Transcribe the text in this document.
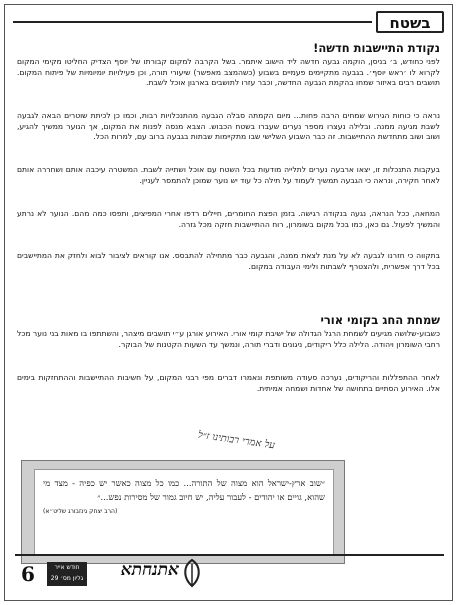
בשטח
נקודת התיישבות חדשה!

לפני כחודש, ב׳ בניסן, הוקמה גבעה חדשה ליד הישוב איתמר. בשל הקרבה למקום קבורתו של יוסף הצדיק החליטו מקימי המקום לקרוא לו ׳ראש יוסף׳. בגבעה מתקיימים פעמיים בשבוע (כשהמצב מאפשר) שיעורי תורה, וכן פעילויות יומיומיות של פיתוח המקום. תושבים רבים באיזור שמחו בהקמת הגבעה החדשה, וכבר עזרו לתושבים בארגון אוכל לשבת.

נראה כי כוחות הגירוש שמחים הרבה פחות... מיום הקמתה סבלה הגבעה מהתנכלויות רבות, וכמו כן לכיתת שוטרים הבאה לגבעה לשבת מגיעה ממנה. ובלילה נעצרו מספר נערים שעברו בשטח הכבוש. הצבא מנסה לפנות את המקום, אך הנוער ממשיך להגיע, ושוב ושוב מתחדשת ההתיישבות. זה כבר השבוע השלישי שבו מתקיימות שבתות בגבעה ברוב עם, למרות הכל.

בעקבות התנכלות זו, יצאו ארבעה נערים לתלייה מודעות בכל השטח עם אוכל ושתייה לשבת. המשטרה עיכבה אותם ושחררה אותם לאחר חקירה, ונראה כי הגבעה תמשיך לעמוד על תילה כל עוד יש נוער שמוכן להתמסר לעניין.

המחאה, ככל הנראה, נגעה בנקודה רגישה. בזמן הפצת החומרים, חיילים רדפו אחרי המפיצים, ותפסו כמה מהם. הנוער לא נרתע והמשיך לפעול. גם כאן, כמו בכל מקום בשומרון, רוח ההתיישבות חזקה מכל גזרה.

בתקווה כי חזרנו לגבעה לא על מנת לצאת ממנה, והגבעה כבר מתחילה להתבסס. אנו קוראים לציבור לבוא ולחזק את המתיישבים בכל דרך אפשרית, ולהצטרף לשבתות ולימי העבודה במקום.

שמחת החג בקומי אורי

כשבוע-שלושה מגיעים לשמחת הרגל הגדולה של ישיבת קומי אורי. האירוע אורגן ע״י תושבים מיצהר, והשתתפו בו מאות בני נוער מכל רחבי השומרון ויהודה. הלילה כלל ריקודים, ניגונים ודברי תורה, ונמשך עד השעות הקטנות של הבוקר.

לאחר ההתפללות והריקודים, נערכה סעודה משותפת ונאמרו דברים מפי רבני המקום, על חשיבות ההתיישבות וההתחזקות בימים אלו. האירוע הסתיים בתחושה של אחדות ושמחה אמיתית.

על אמרי רבותינו ז״ל

״שוב ארץ-ישראל הוא מצוה של התורה... כמו כל מצוה כאשר יש כפיה - מצד מי שהוא, גויים או יהודים - לעבור עליה, יש חיוב גמור של מסירות נפש...״

(הרב יצחק גינזבורג שליט״א)
6	חודש אייר
גליון מס׳ 29 אתנחתא
